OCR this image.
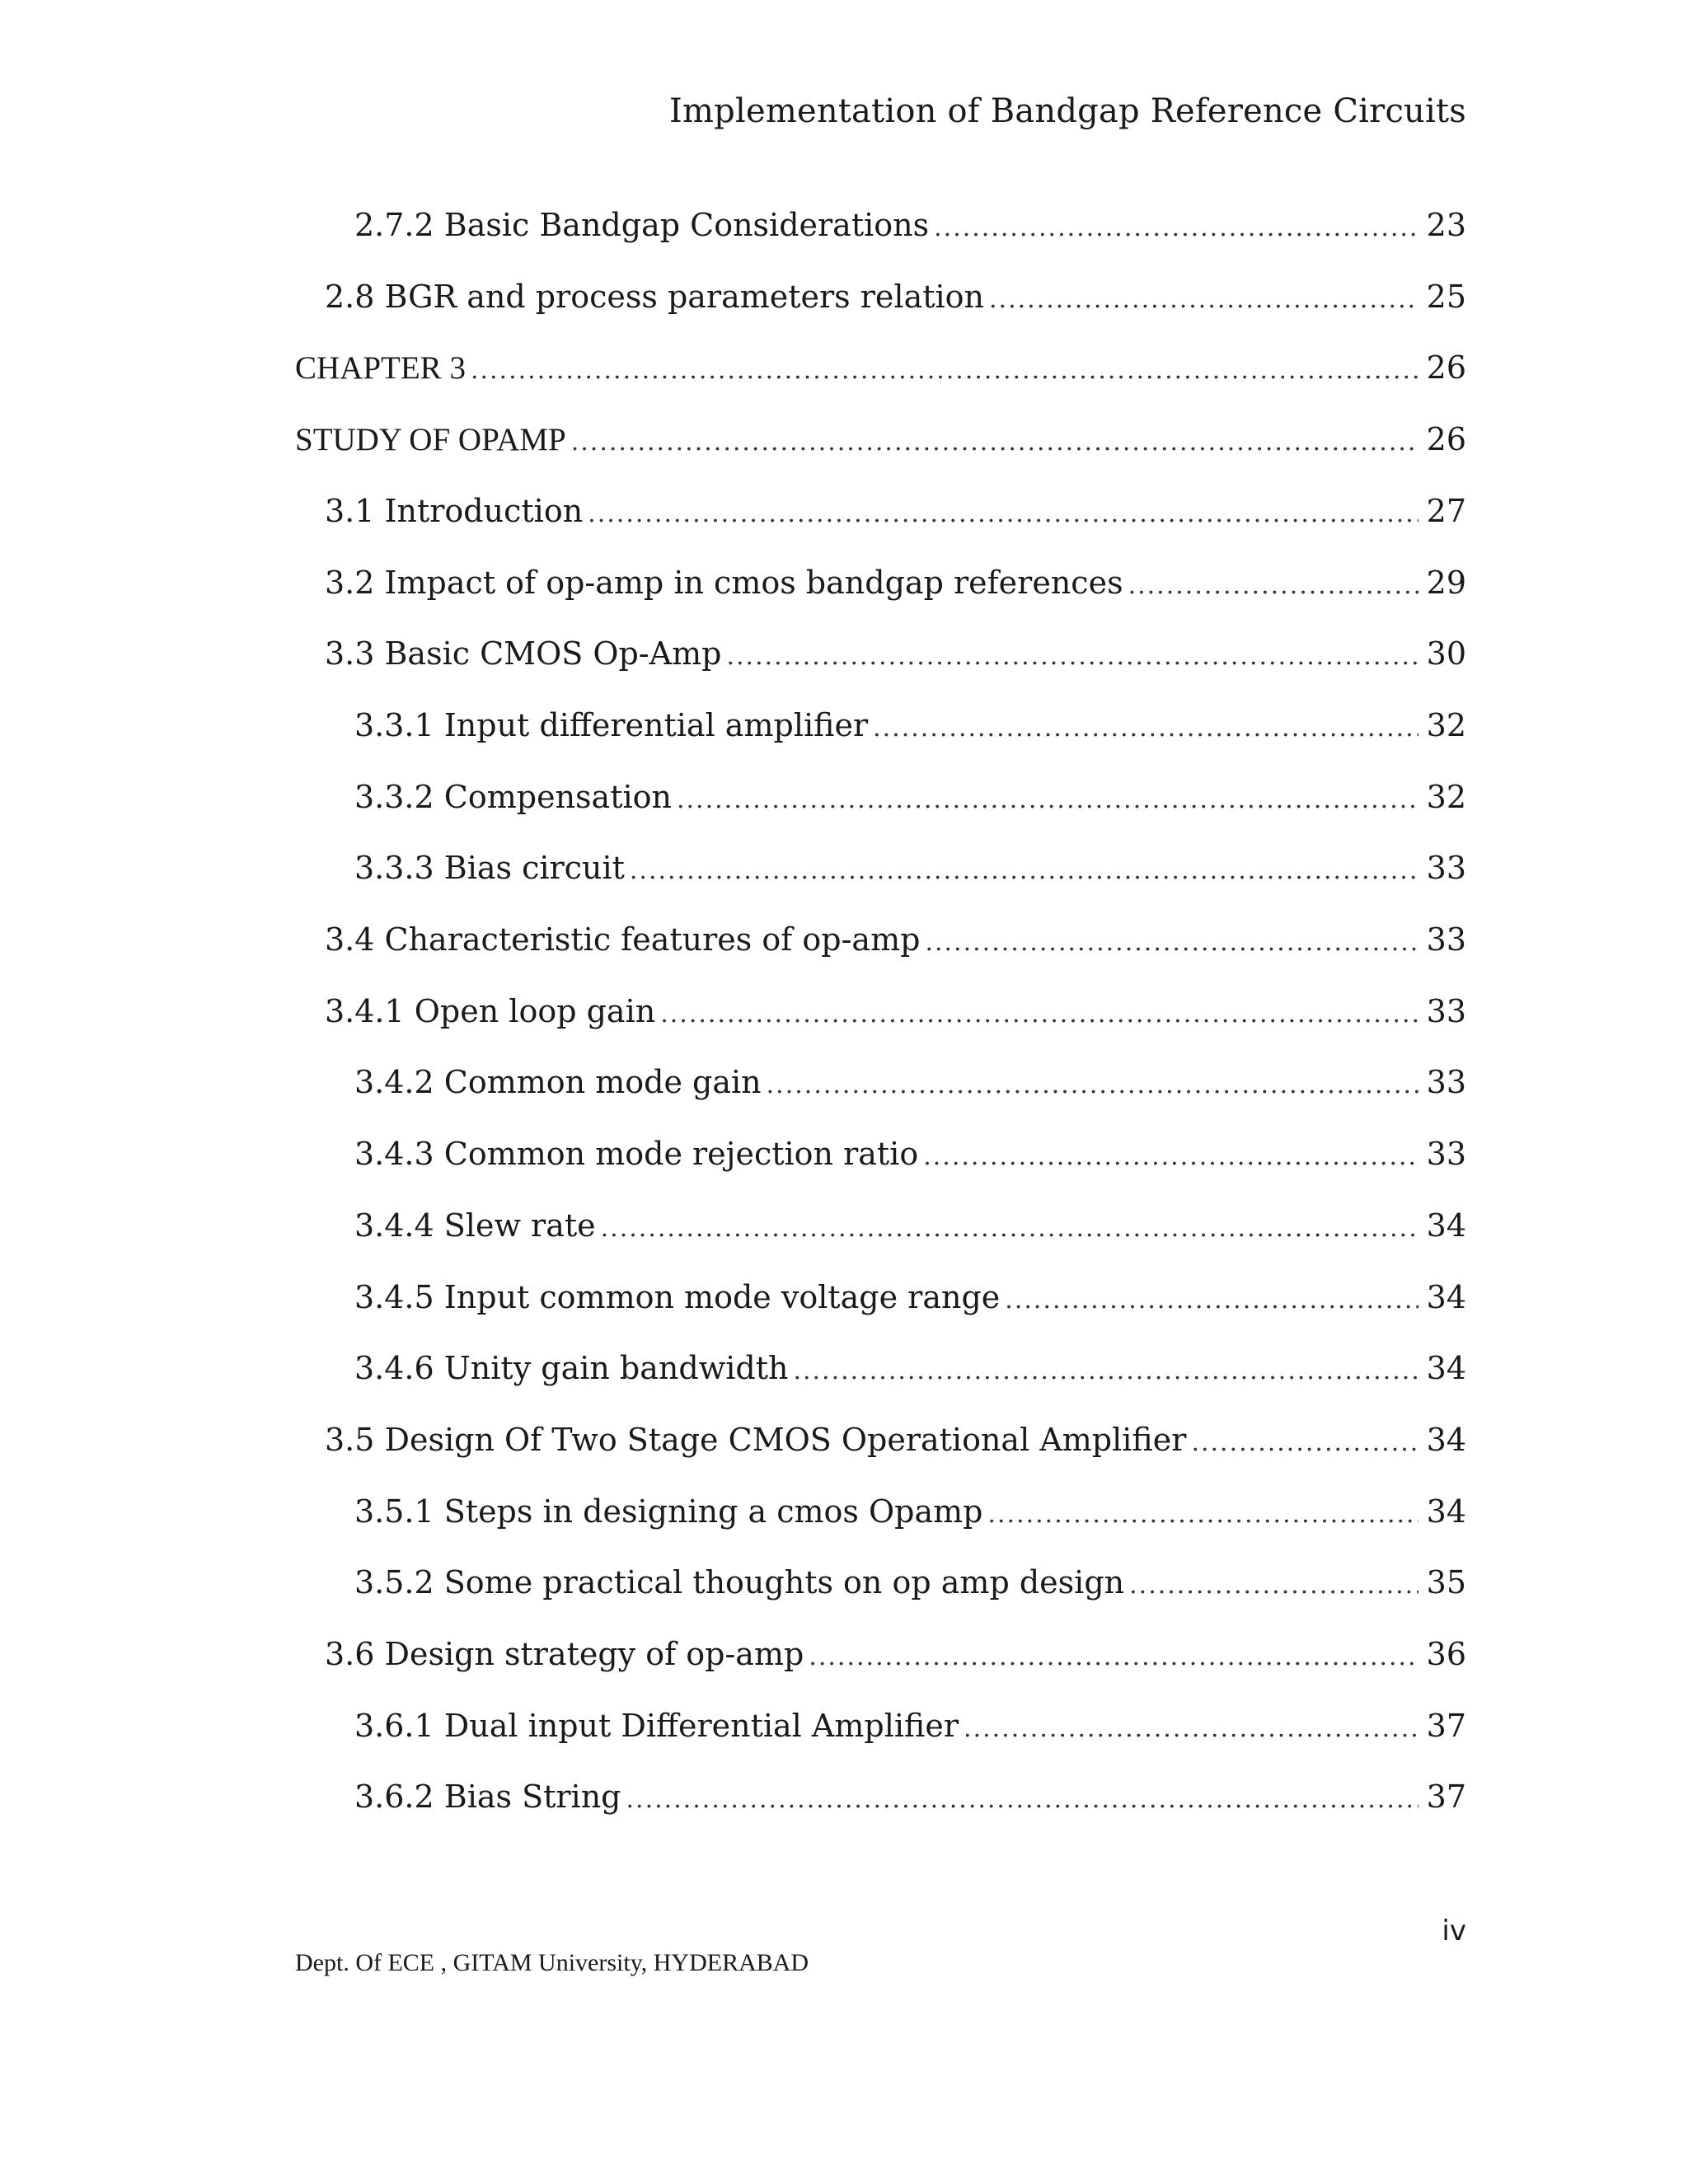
Implementation of Bandgap Reference Circuits
2.7.2 Basic Bandgap Considerations .....	23
2.8 BGR and process parameters relation .....	25
CHAPTER 3 .....	26
STUDY OF OPAMP .....	26
3.1 Introduction .....	27
3.2 Impact of op-amp in cmos bandgap references .....	29
3.3 Basic CMOS Op-Amp .....	30
3.3.1 Input differential amplifier .....	32
3.3.2 Compensation .....	32
3.3.3 Bias circuit .....	33
3.4 Characteristic features of op-amp .....	33
3.4.1 Open loop gain .....	33
3.4.2 Common mode gain .....	33
3.4.3 Common mode rejection ratio .....	33
3.4.4 Slew rate .....	34
3.4.5 Input common mode voltage range .....	34
3.4.6 Unity gain bandwidth .....	34
3.5 Design Of Two Stage CMOS Operational Amplifier .....	34
3.5.1 Steps in designing a cmos Opamp .....	34
3.5.2 Some practical thoughts on op amp design .....	35
3.6 Design strategy of op-amp .....	36
3.6.1 Dual input Differential Amplifier .....	37
3.6.2 Bias String .....	37
iv
Dept. Of ECE , GITAM University, HYDERABAD
